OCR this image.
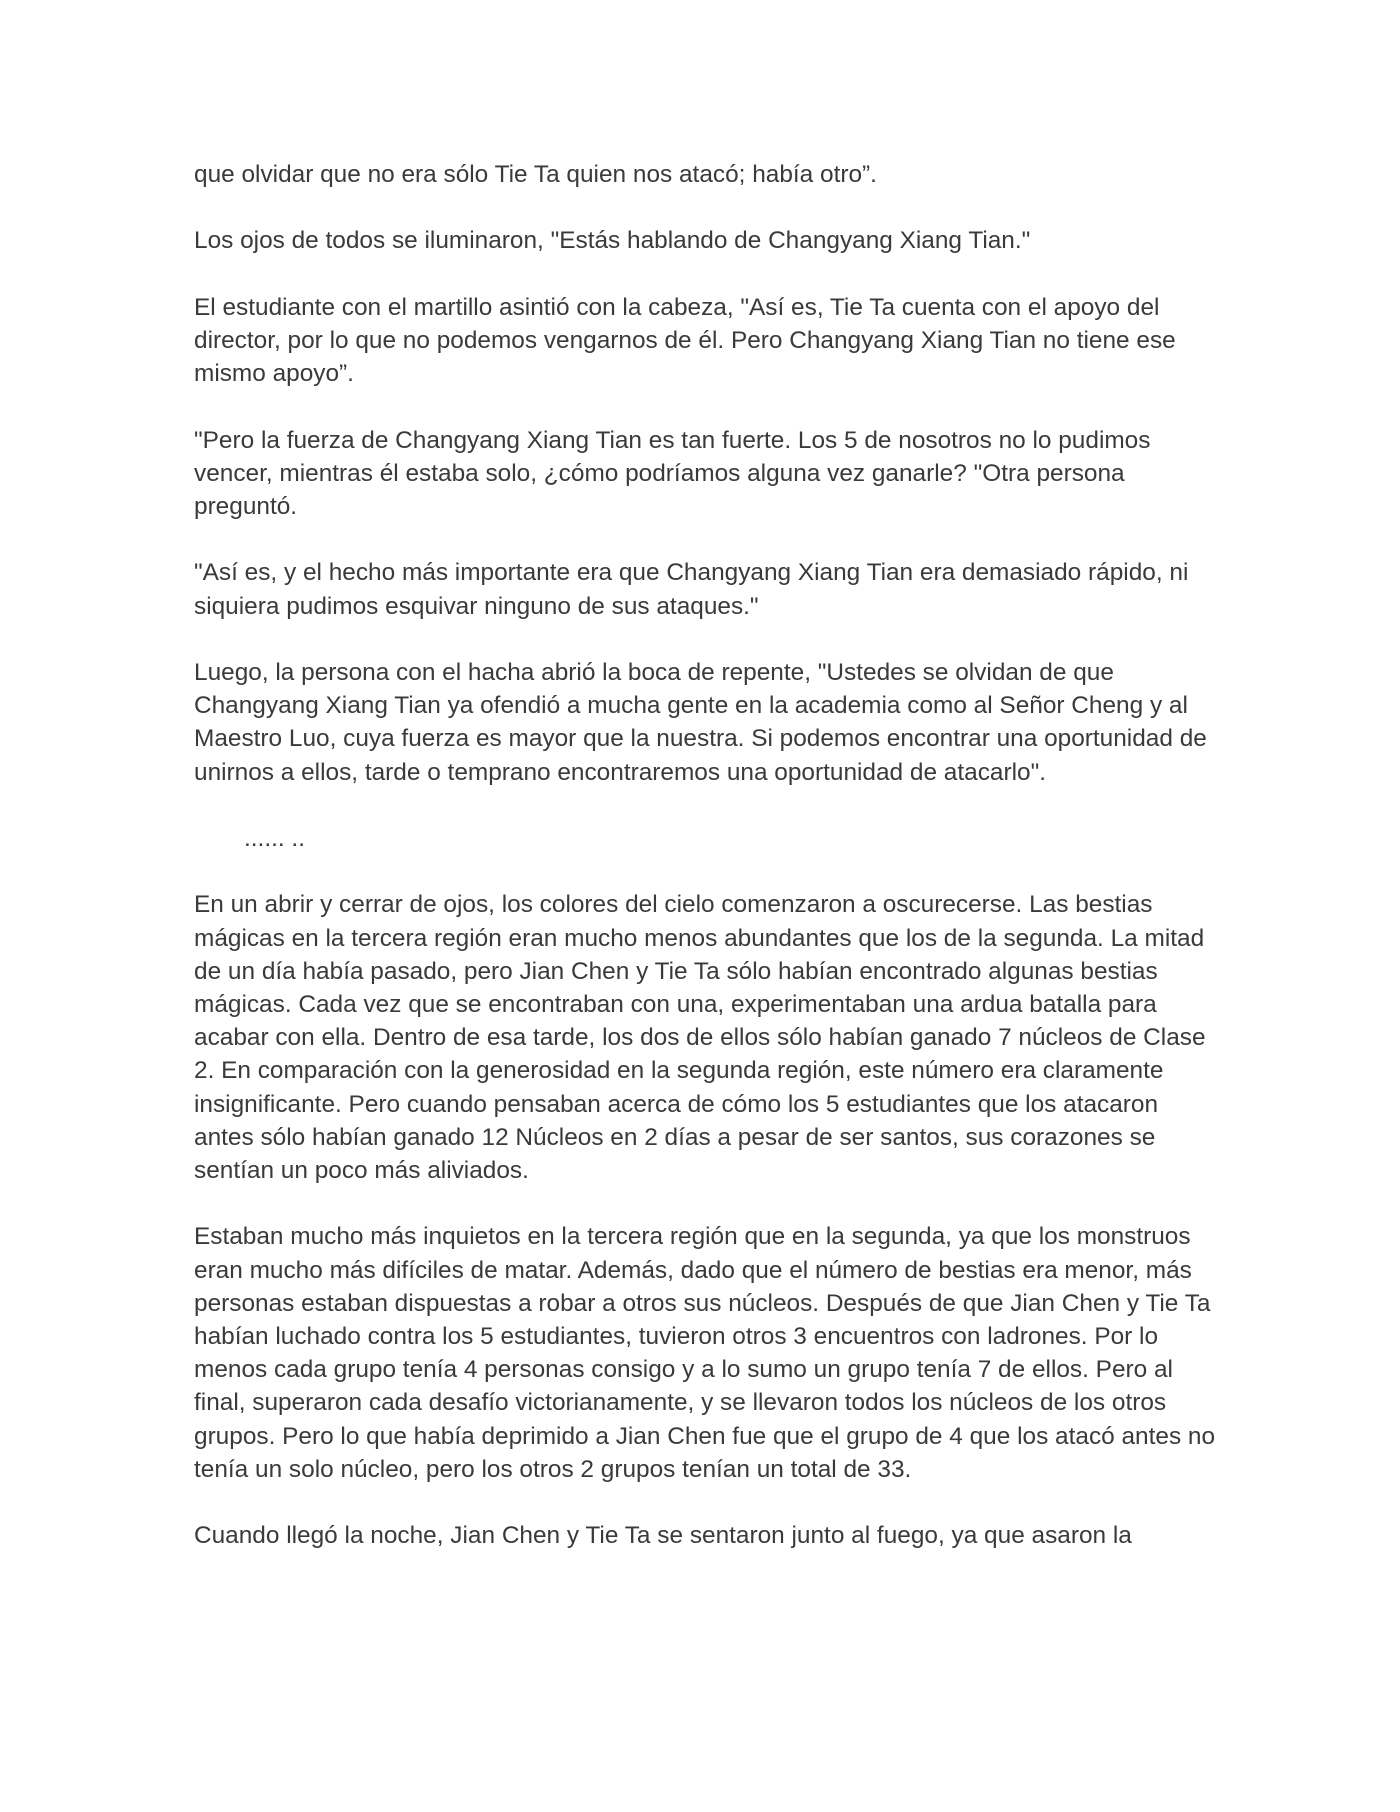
que olvidar que no era sólo Tie Ta quien nos atacó; había otro”.

Los ojos de todos se iluminaron, "Estás hablando de Changyang Xiang Tian."

El estudiante con el martillo asintió con la cabeza, "Así es, Tie Ta cuenta con el apoyo del director, por lo que no podemos vengarnos de él. Pero Changyang Xiang Tian no tiene ese mismo apoyo”.

"Pero la fuerza de Changyang Xiang Tian es tan fuerte. Los 5 de nosotros no lo pudimos vencer, mientras él estaba solo, ¿cómo podríamos alguna vez ganarle? "Otra persona preguntó.

"Así es, y el hecho más importante era que Changyang Xiang Tian era demasiado rápido, ni siquiera pudimos esquivar ninguno de sus ataques."

Luego, la persona con el hacha abrió la boca de repente, "Ustedes se olvidan de que Changyang Xiang Tian ya ofendió a mucha gente en la academia como al Señor Cheng y al Maestro Luo, cuya fuerza es mayor que la nuestra. Si podemos encontrar una oportunidad de unirnos a ellos, tarde o temprano encontraremos una oportunidad de atacarlo".

...... ..

En un abrir y cerrar de ojos, los colores del cielo comenzaron a oscurecerse. Las bestias mágicas en la tercera región eran mucho menos abundantes que los de la segunda. La mitad de un día había pasado, pero Jian Chen y Tie Ta sólo habían encontrado algunas bestias mágicas. Cada vez que se encontraban con una, experimentaban una ardua batalla para acabar con ella. Dentro de esa tarde, los dos de ellos sólo habían ganado 7 núcleos de Clase 2. En comparación con la generosidad en la segunda región, este número era claramente insignificante. Pero cuando pensaban acerca de cómo los 5 estudiantes que los atacaron antes sólo habían ganado 12 Núcleos en 2 días a pesar de ser santos, sus corazones se sentían un poco más aliviados.

Estaban mucho más inquietos en la tercera región que en la segunda, ya que los monstruos eran mucho más difíciles de matar. Además, dado que el número de bestias era menor, más personas estaban dispuestas a robar a otros sus núcleos. Después de que Jian Chen y Tie Ta habían luchado contra los 5 estudiantes, tuvieron otros 3 encuentros con ladrones. Por lo menos cada grupo tenía 4 personas consigo y a lo sumo un grupo tenía 7 de ellos. Pero al final, superaron cada desafío victorianamente, y se llevaron todos los núcleos de los otros grupos. Pero lo que había deprimido a Jian Chen fue que el grupo de 4 que los atacó antes no tenía un solo núcleo, pero los otros 2 grupos tenían un total de 33.

Cuando llegó la noche, Jian Chen y Tie Ta se sentaron junto al fuego, ya que asaron la
